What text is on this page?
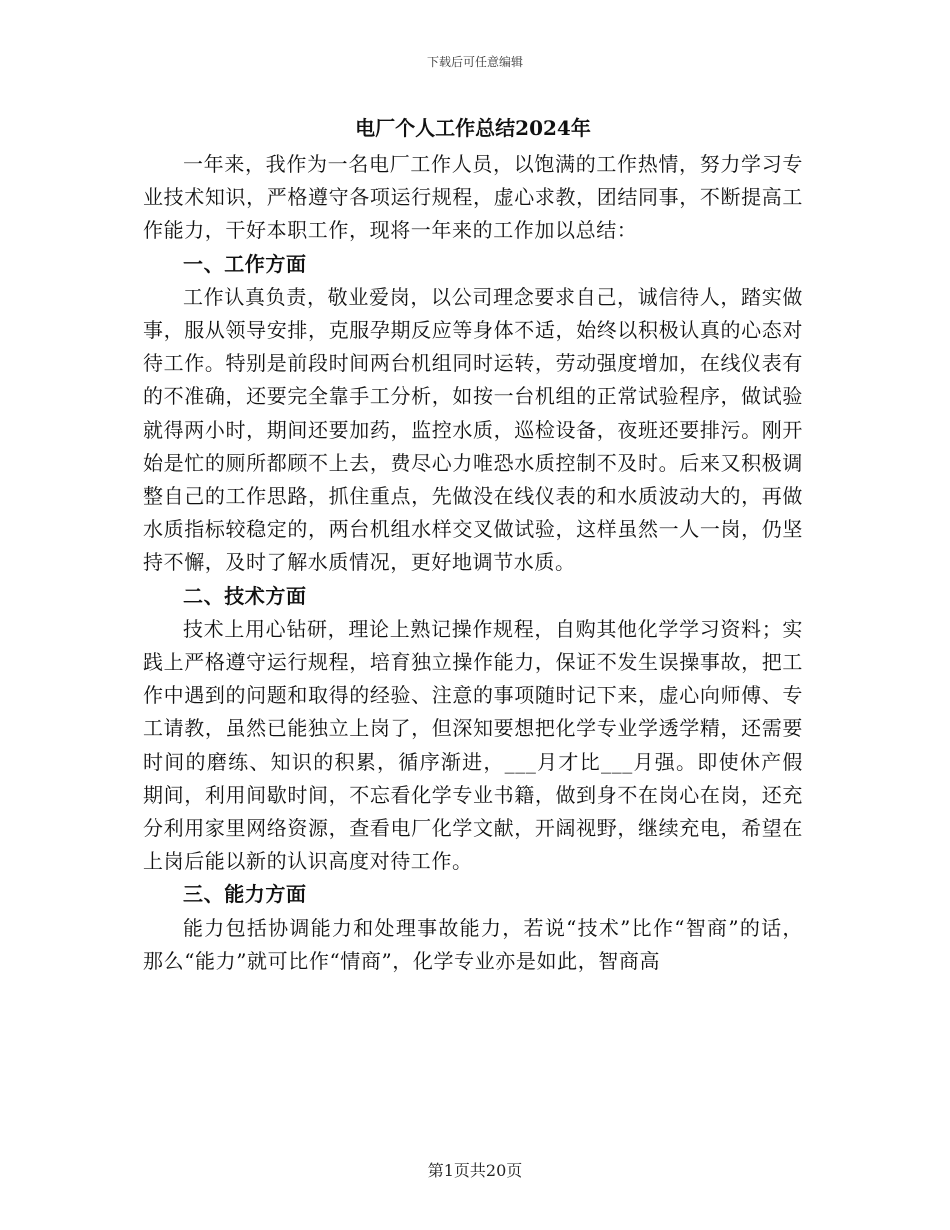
下载后可任意编辑
电厂个人工作总结2024年

一年来，我作为一名电厂工作人员，以饱满的工作热情，努力学习专业技术知识，严格遵守各项运行规程，虚心求教，团结同事，不断提高工作能力，干好本职工作，现将一年来的工作加以总结：

一、工作方面

工作认真负责，敬业爱岗，以公司理念要求自己，诚信待人，踏实做事，服从领导安排，克服孕期反应等身体不适，始终以积极认真的心态对待工作。特别是前段时间两台机组同时运转，劳动强度增加，在线仪表有的不准确，还要完全靠手工分析，如按一台机组的正常试验程序，做试验就得两小时，期间还要加药，监控水质，巡检设备，夜班还要排污。刚开始是忙的厕所都顾不上去，费尽心力唯恐水质控制不及时。后来又积极调整自己的工作思路，抓住重点，先做没在线仪表的和水质波动大的，再做水质指标较稳定的，两台机组水样交叉做试验，这样虽然一人一岗，仍坚持不懈，及时了解水质情况，更好地调节水质。

二、技术方面

技术上用心钻研，理论上熟记操作规程，自购其他化学学习资料；实践上严格遵守运行规程，培育独立操作能力，保证不发生误操事故，把工作中遇到的问题和取得的经验、注意的事项随时记下来，虚心向师傅、专工请教，虽然已能独立上岗了，但深知要想把化学专业学透学精，还需要时间的磨练、知识的积累，循序渐进，___月才比___月强。即使休产假期间，利用间歇时间，不忘看化学专业书籍，做到身不在岗心在岗，还充分利用家里网络资源，查看电厂化学文献，开阔视野，继续充电，希望在上岗后能以新的认识高度对待工作。

三、能力方面

能力包括协调能力和处理事故能力，若说“技术”比作“智商”的话，那么“能力”就可比作“情商”，化学专业亦是如此，智商高

第1页共20页
